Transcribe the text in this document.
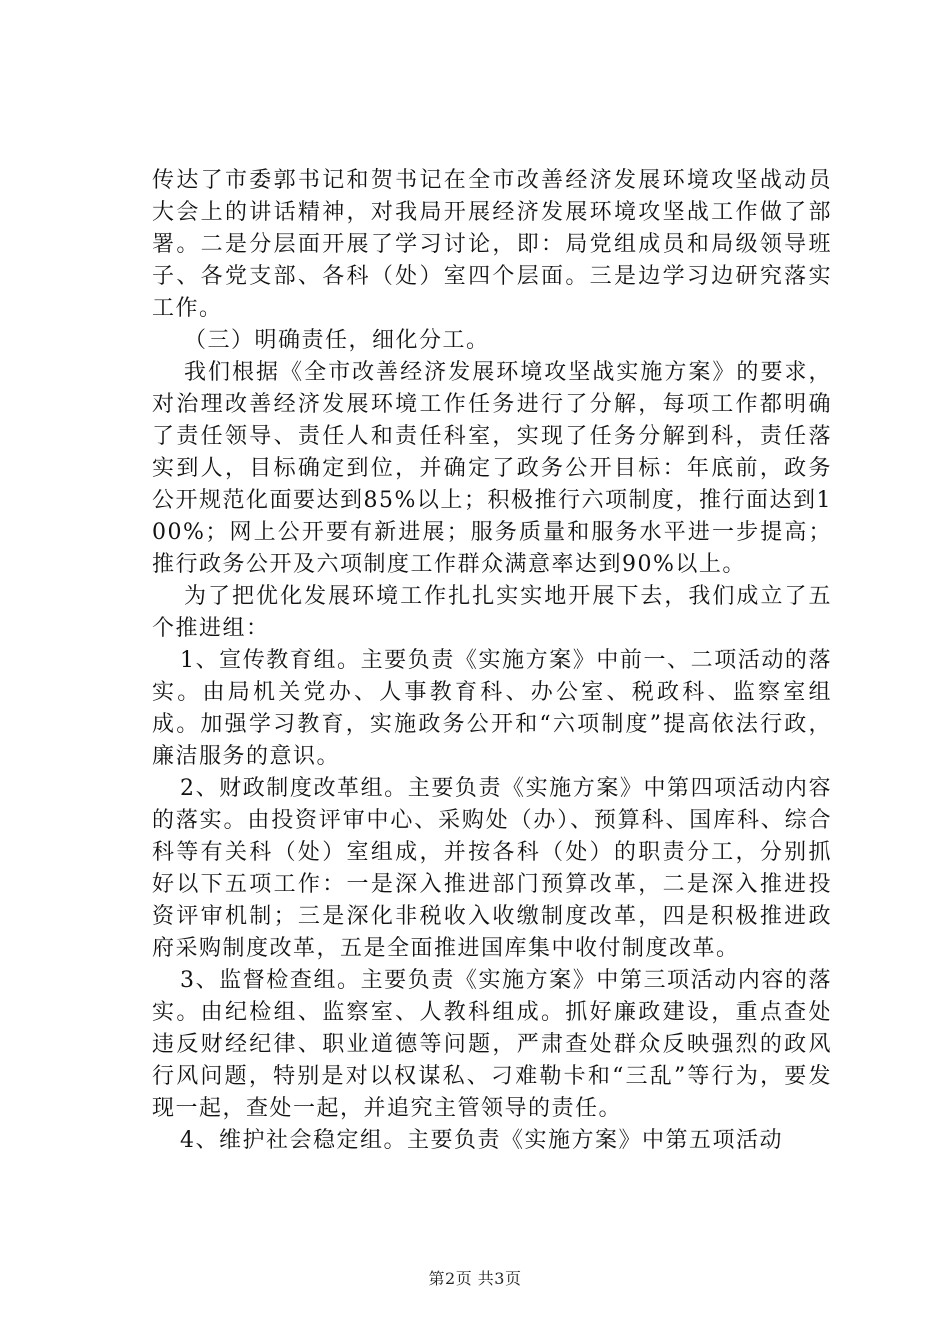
传达了市委郭书记和贺书记在全市改善经济发展环境攻坚战动员大会上的讲话精神，对我局开展经济发展环境攻坚战工作做了部署。二是分层面开展了学习讨论，即：局党组成员和局级领导班子、各党支部、各科（处）室四个层面。三是边学习边研究落实工作。

（三）明确责任，细化分工。

我们根据《全市改善经济发展环境攻坚战实施方案》的要求，对治理改善经济发展环境工作任务进行了分解，每项工作都明确了责任领导、责任人和责任科室，实现了任务分解到科，责任落实到人，目标确定到位，并确定了政务公开目标：年底前，政务公开规范化面要达到85%以上；积极推行六项制度，推行面达到100%；网上公开要有新进展；服务质量和服务水平进一步提高；推行政务公开及六项制度工作群众满意率达到90%以上。

为了把优化发展环境工作扎扎实实地开展下去，我们成立了五个推进组：

1、宣传教育组。主要负责《实施方案》中前一、二项活动的落实。由局机关党办、人事教育科、办公室、税政科、监察室组成。加强学习教育，实施政务公开和“六项制度”提高依法行政，廉洁服务的意识。

2、财政制度改革组。主要负责《实施方案》中第四项活动内容的落实。由投资评审中心、采购处（办）、预算科、国库科、综合科等有关科（处）室组成，并按各科（处）的职责分工，分别抓好以下五项工作：一是深入推进部门预算改革，二是深入推进投资评审机制；三是深化非税收入收缴制度改革，四是积极推进政府采购制度改革，五是全面推进国库集中收付制度改革。

3、监督检查组。主要负责《实施方案》中第三项活动内容的落实。由纪检组、监察室、人教科组成。抓好廉政建设，重点查处违反财经纪律、职业道德等问题，严肃查处群众反映强烈的政风行风问题，特别是对以权谋私、刁难勒卡和“三乱”等行为，要发现一起，查处一起，并追究主管领导的责任。

4、维护社会稳定组。主要负责《实施方案》中第五项活动

第2页 共3页
